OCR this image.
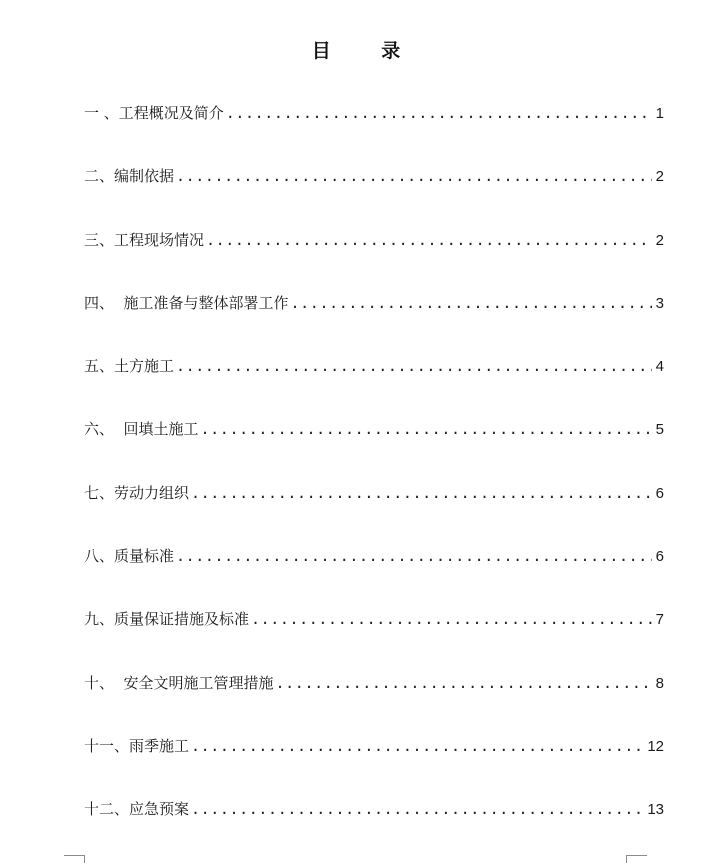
目 录
一 、工程概况及简介 .....	1
二、编制依据 .....	2
三、工程现场情况 .....	2
四、  施工准备与整体部署工作 .....	3
五、土方施工 .....	4
六、  回填土施工 .....	5
七、劳动力组织 .....	6
八、质量标准 .....	6
九、质量保证措施及标准 .....	7
十、  安全文明施工管理措施 .....	8
十一、雨季施工 .....	12
十二、应急预案 .....	13
